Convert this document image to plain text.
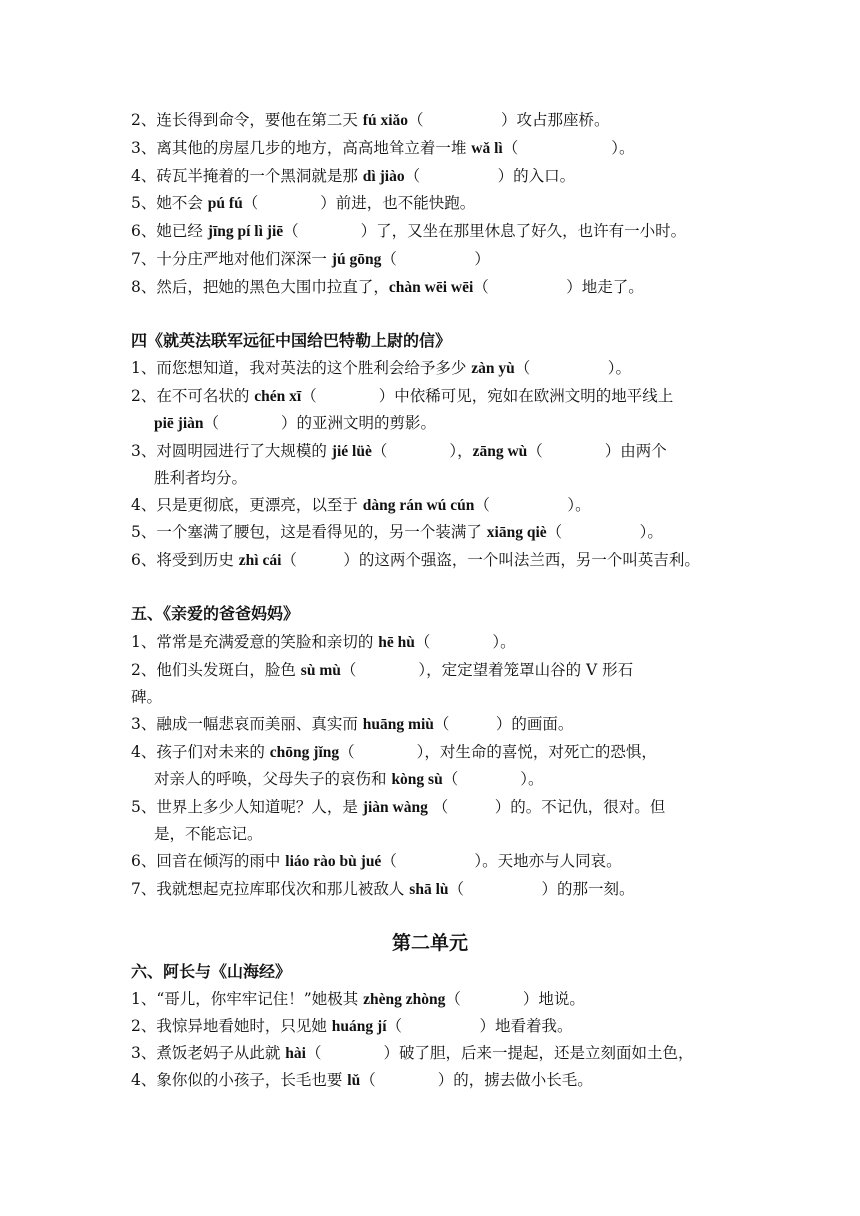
2、连长得到命令，要他在第二天 fú xiǎo（　　　　　）攻占那座桥。
3、离其他的房屋几步的地方，高高地耸立着一堆 wǎ lì（　　　　　　）。
4、砖瓦半掩着的一个黑洞就是那 dì jiào（　　　　　）的入口。
5、她不会 pú fú（　　　　）前进，也不能快跑。
6、她已经 jīng pí lì jiē（　　　　）了，又坐在那里休息了好久，也许有一小时。
7、十分庄严地对他们深深一 jú gōng（　　　　　）
8、然后，把她的黑色大围巾拉直了，chàn wēi wēi（　　　　　）地走了。
四《就英法联军远征中国给巴特勒上尉的信》
1、而您想知道，我对英法的这个胜利会给予多少 zàn yù（　　　　　）。
2、在不可名状的 chén xī（　　　　）中依稀可见，宛如在欧洲文明的地平线上
piē jiàn（　　　　）的亚洲文明的剪影。
3、对圆明园进行了大规模的 jié lüè（　　　　），zāng wù（　　　　）由两个
胜利者均分。
4、只是更彻底，更漂亮，以至于 dàng rán wú cún（　　　　　）。
5、一个塞满了腰包，这是看得见的，另一个装满了 xiāng qiè（　　　　　）。
6、将受到历史 zhì cái（　　　）的这两个强盗，一个叫法兰西，另一个叫英吉利。
五、《亲爱的爸爸妈妈》
1、常常是充满爱意的笑脸和亲切的 hē hù（　　　　）。
2、他们头发斑白，脸色 sù mù（　　　　），定定望着笼罩山谷的 V 形石
碑。
3、融成一幅悲哀而美丽、真实而 huāng miù（　　　）的画面。
4、孩子们对未来的 chōng jǐng（　　　　），对生命的喜悦，对死亡的恐惧，
对亲人的呼唤，父母失子的哀伤和 kòng sù（　　　　）。
5、世界上多少人知道呢？人，是 jiàn wàng （　　　）的。不记仇，很对。但
是，不能忘记。
6、回音在倾泻的雨中 liáo rào bù jué（　　　　　）。天地亦与人同哀。
7、我就想起克拉库耶伐次和那儿被敌人 shā lù（　　　　　）的那一刻。
第二单元
六、阿长与《山海经》
1、“哥儿，你牢牢记住！”她极其 zhèng zhòng（　　　　）地说。
2、我惊异地看她时，只见她 huáng jí（　　　　　）地看着我。
3、煮饭老妈子从此就 hài（　　　　）破了胆，后来一提起，还是立刻面如土色，
4、象你似的小孩子，长毛也要 lǔ（　　　　）的，掳去做小长毛。
